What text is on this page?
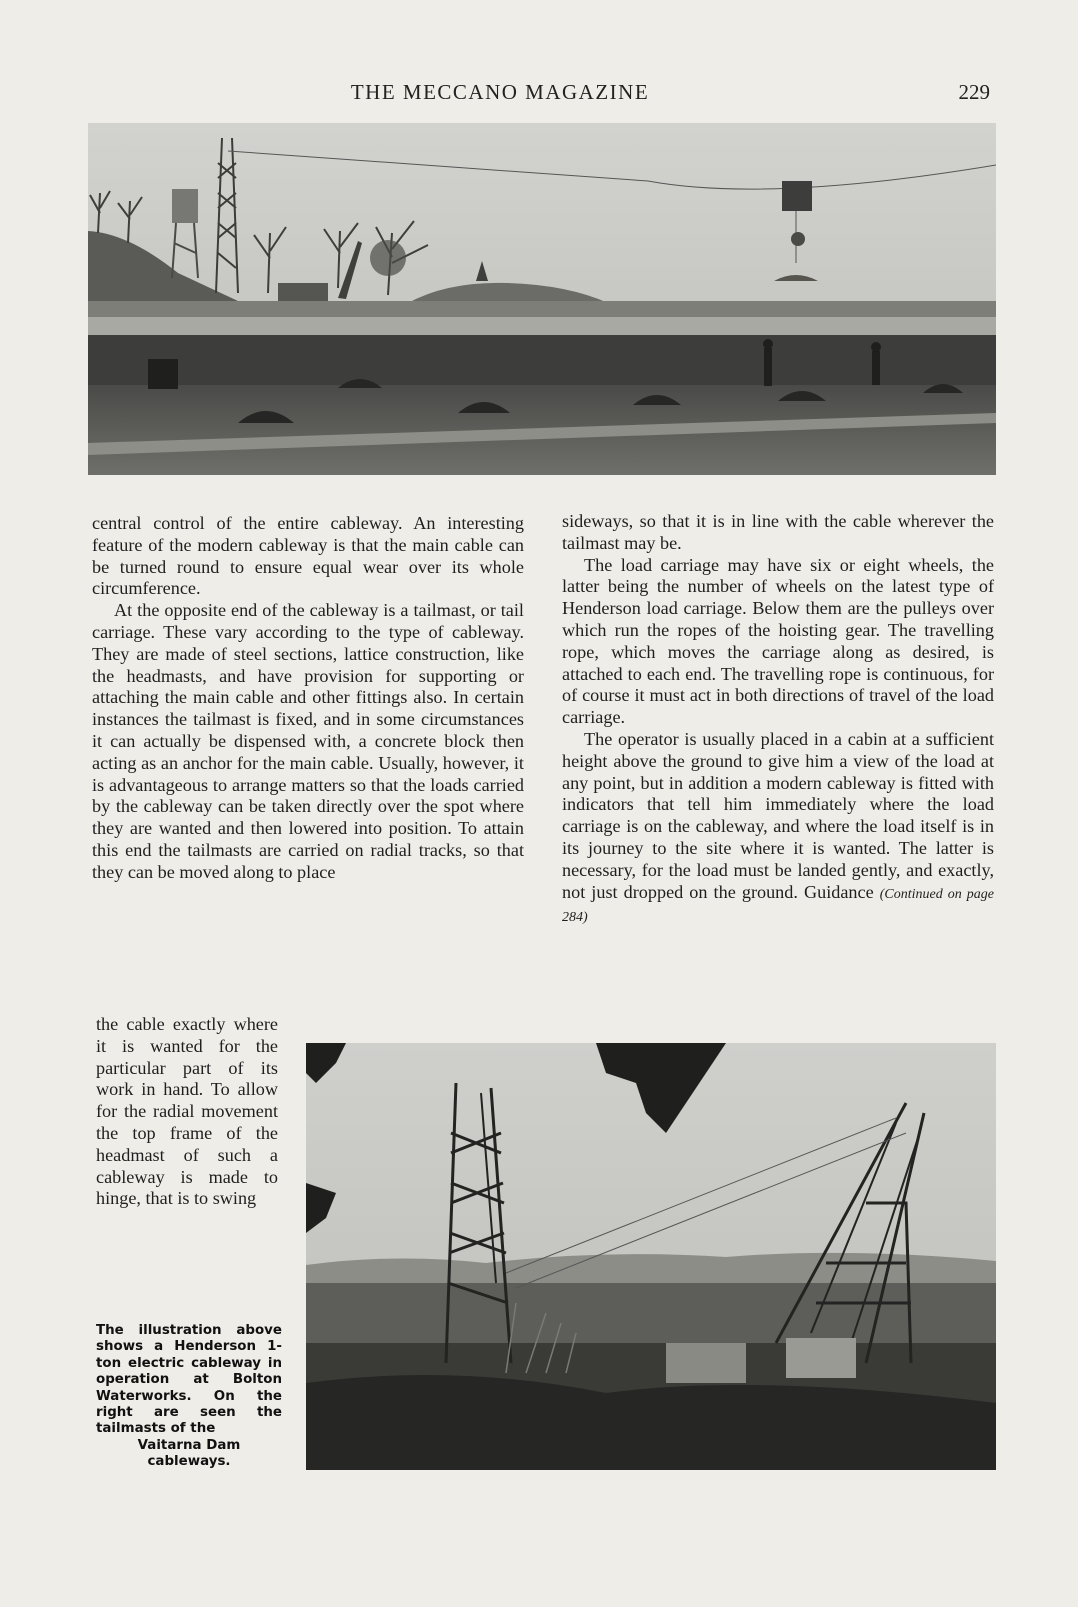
THE MECCANO MAGAZINE	229

central control of the entire cableway. An interesting feature of the modern cableway is that the main cable can be turned round to ensure equal wear over its whole circumference.

At the opposite end of the cableway is a tailmast, or tail carriage. These vary according to the type of cableway. They are made of steel sections, lattice construction, like the headmasts, and have provision for supporting or attaching the main cable and other fittings also. In certain instances the tailmast is fixed, and in some circumstances it can actually be dispensed with, a concrete block then acting as an anchor for the main cable. Usually, however, it is advantageous to arrange matters so that the loads carried by the cableway can be taken directly over the spot where they are wanted and then lowered into position. To attain this end the tailmasts are carried on radial tracks, so that they can be moved along to place

the cable exactly where it is wanted for the particular part of its work in hand. To allow for the radial movement the top frame of the headmast of such a cableway is made to hinge, that is to swing

sideways, so that it is in line with the cable wherever the tailmast may be.

The load carriage may have six or eight wheels, the latter being the number of wheels on the latest type of Henderson load carriage. Below them are the pulleys over which run the ropes of the hoisting gear. The travelling rope, which moves the carriage along as desired, is attached to each end. The travelling rope is continuous, for of course it must act in both directions of travel of the load carriage.

The operator is usually placed in a cabin at a sufficient height above the ground to give him a view of the load at any point, but in addition a modern cableway is fitted with indicators that tell him immediately where the load carriage is on the cableway, and where the load itself is in its journey to the site where it is wanted. The latter is necessary, for the load must be landed gently, and exactly, not just dropped on the ground. Guidance (Continued on page 284)

The illustration above shows a Henderson 1-ton electric cableway in operation at Bolton Waterworks. On the right are seen the tailmasts of the
Vaitarna Dam cableways.
